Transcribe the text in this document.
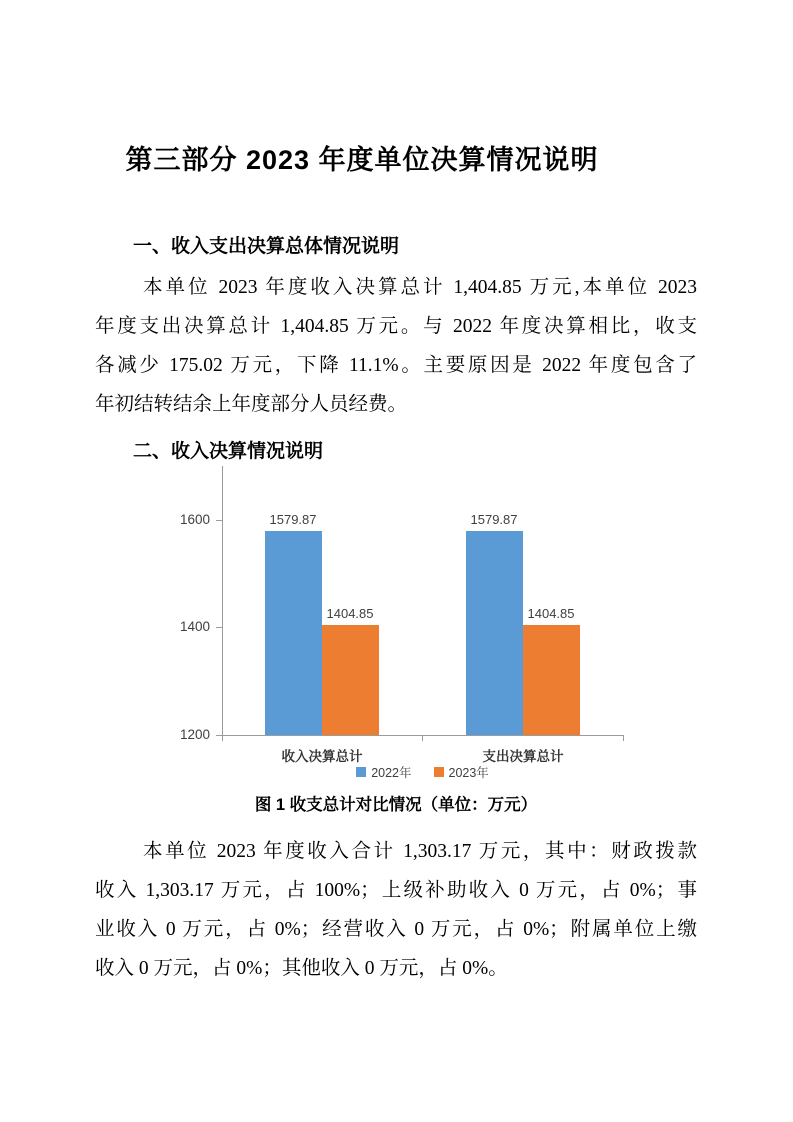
第三部分 2023 年度单位决算情况说明
一、收入支出决算总体情况说明
本单位 2023 年度收入决算总计 1,404.85 万元,本单位 2023
年度支出决算总计 1,404.85 万元。与 2022 年度决算相比，收支
各减少 175.02 万元，下降 11.1%。主要原因是 2022 年度包含了
年初结转结余上年度部分人员经费。
二、收入决算情况说明
1600
1400
1200
1579.87
1404.85
1579.87
1404.85
收入决算总计	支出决算总计
2022年	2023年
图 1 收支总计对比情况（单位：万元）
本单位 2023 年度收入合计 1,303.17 万元，其中：财政拨款
收入 1,303.17 万元，占 100%；上级补助收入 0 万元，占 0%；事
业收入 0 万元，占 0%；经营收入 0 万元，占 0%；附属单位上缴
收入 0 万元，占 0%；其他收入 0 万元，占 0%。
